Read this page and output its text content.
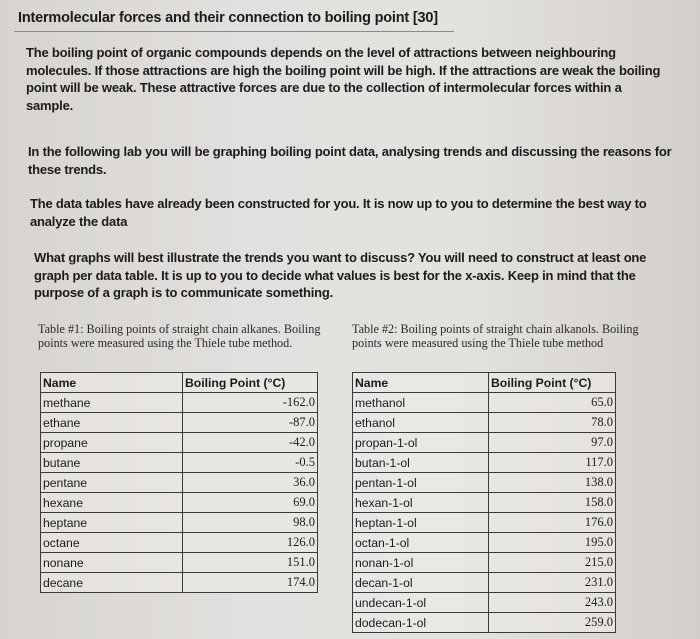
Intermolecular forces and their connection to boiling point [30]
The boiling point of organic compounds depends on the level of attractions between neighbouring molecules. If those attractions are high the boiling point will be high. If the attractions are weak the boiling point will be weak. These attractive forces are due to the collection of intermolecular forces within a sample.
In the following lab you will be graphing boiling point data, analysing trends and discussing the reasons for these trends.
The data tables have already been constructed for you. It is now up to you to determine the best way to analyze the data
What graphs will best illustrate the trends you want to discuss? You will need to construct at least one graph per data table. It is up to you to decide what values is best for the x-axis. Keep in mind that the purpose of a graph is to communicate something.
Table #1: Boiling points of straight chain alkanes. Boiling points were measured using the Thiele tube method.
Table #2: Boiling points of straight chain alkanols. Boiling points were measured using the Thiele tube method
Name	Boiling Point (°C)
methane	-162.0
ethane	-87.0
propane	-42.0
butane	-0.5
pentane	36.0
hexane	69.0
heptane	98.0
octane	126.0
nonane	151.0
decane	174.0
Name	Boiling Point (°C)
methanol	65.0
ethanol	78.0
propan-1-ol	97.0
butan-1-ol	117.0
pentan-1-ol	138.0
hexan-1-ol	158.0
heptan-1-ol	176.0
octan-1-ol	195.0
nonan-1-ol	215.0
decan-1-ol	231.0
undecan-1-ol	243.0
dodecan-1-ol	259.0
